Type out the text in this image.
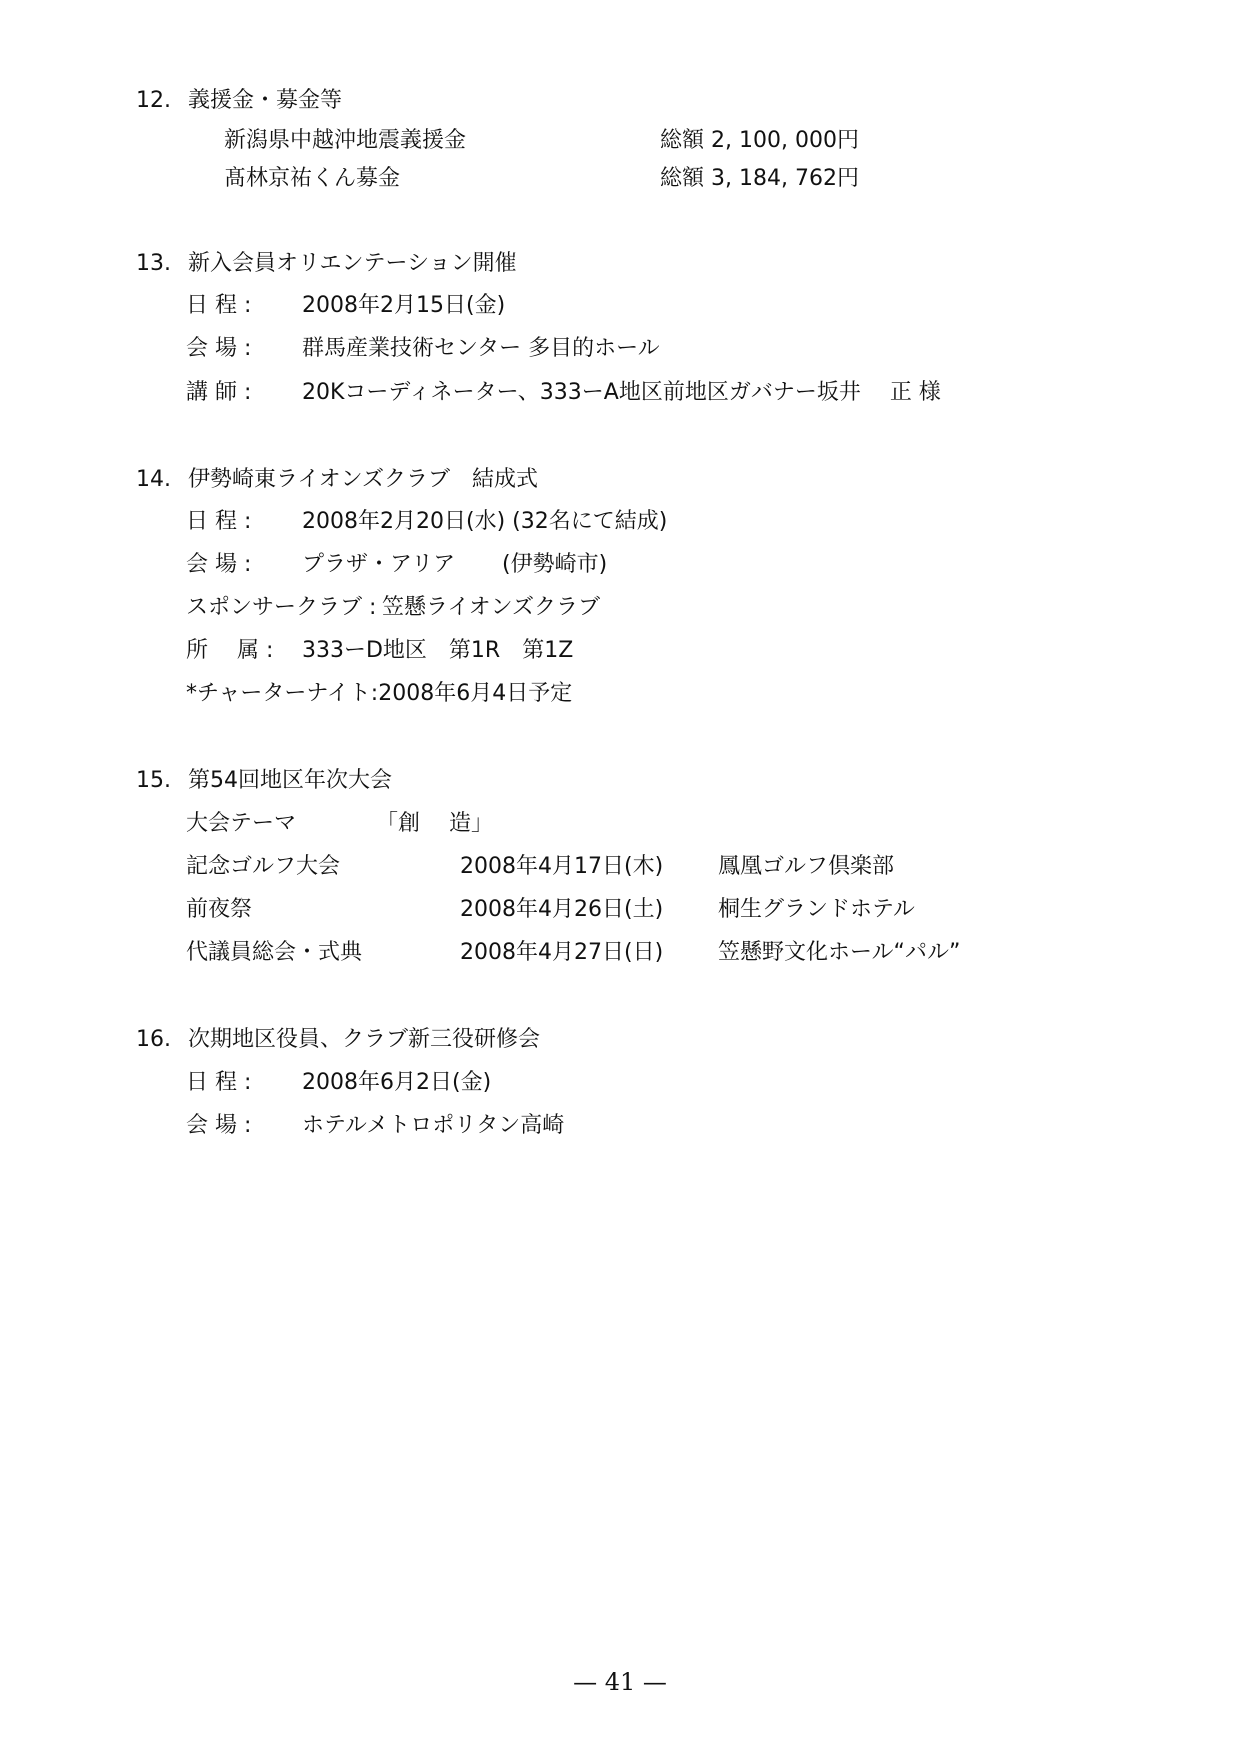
12. 義援金・募金等
新潟県中越沖地震義援金	総額 2, 100, 000円
髙林京祐くん募金	総額 3, 184, 762円
13. 新入会員オリエンテーション開催
日 程 : 2008年2月15日(金)
会 場 : 群馬産業技術センター 多目的ホール
講 師 : 20Kコーディネーター、333ーA地区前地区ガバナー坂井　 正 様
14. 伊勢崎東ライオンズクラブ　結成式
日 程 : 2008年2月20日(水) (32名にて結成)
会 場 : プラザ・アリア (伊勢崎市)
スポンサークラブ : 笠懸ライオンズクラブ
所　 属 : 333ーD地区　第1R　第1Z
*チャーターナイト:2008年6月4日予定
15. 第54回地区年次大会
大会テーマ	「創　 造」
記念ゴルフ大会	2008年4月17日(木) 鳳凰ゴルフ倶楽部
前夜祭	2008年4月26日(土) 桐生グランドホテル
代議員総会・式典	2008年4月27日(日) 笠懸野文化ホール“パル”
16. 次期地区役員、クラブ新三役研修会
日 程 : 2008年6月2日(金)
会 場 : ホテルメトロポリタン高崎
— 41 —
